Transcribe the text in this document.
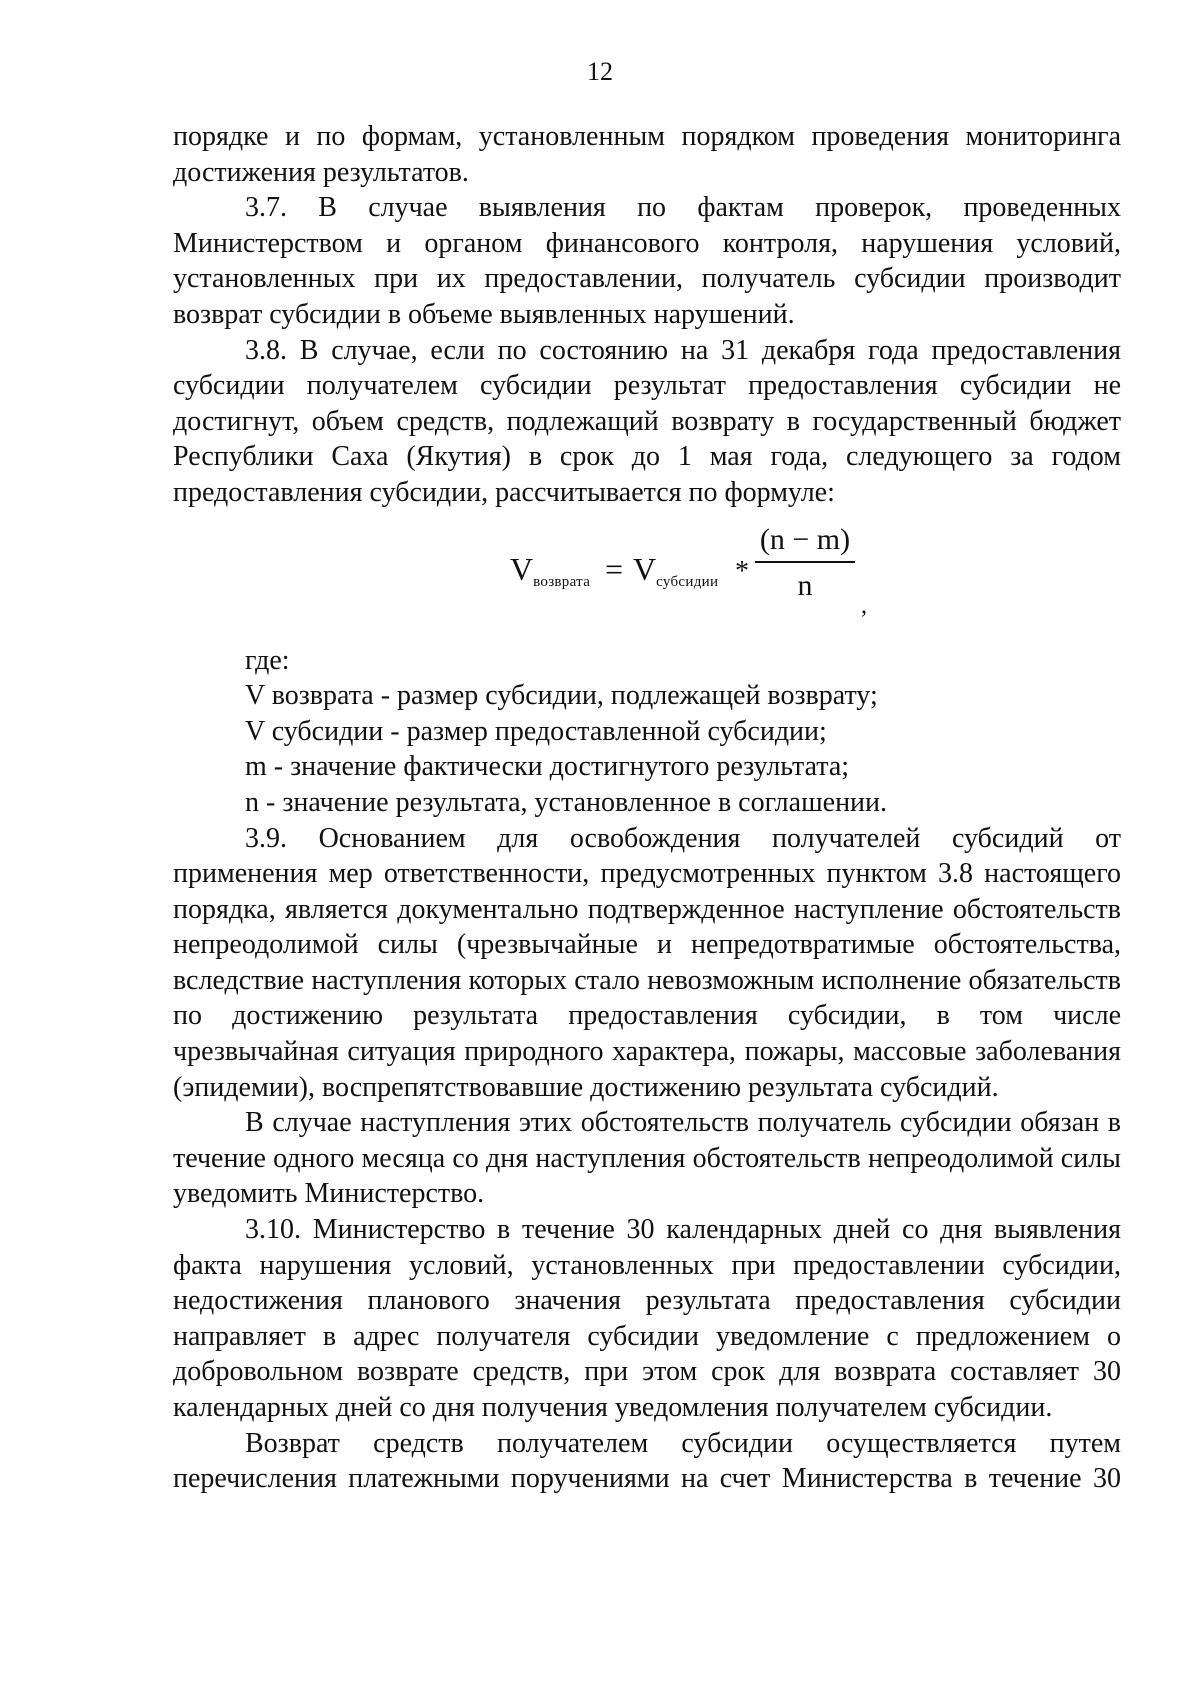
12

порядке и по формам, установленным порядком проведения мониторинга достижения результатов.

3.7. В случае выявления по фактам проверок, проведенных Министерством и органом финансового контроля, нарушения условий, установленных при их предоставлении, получатель субсидии производит возврат субсидии в объеме выявленных нарушений.

3.8. В случае, если по состоянию на 31 декабря года предоставления субсидии получателем субсидии результат предоставления субсидии не достигнут, объем средств, подлежащий возврату в государственный бюджет Республики Саха (Якутия) в срок до 1 мая года, следующего за годом предоставления субсидии, рассчитывается по формуле:

Vвозврата = Vсубсидии *
(n − m)
n
,

где:

V возврата - размер субсидии, подлежащей возврату;

V субсидии - размер предоставленной субсидии;

m - значение фактически достигнутого результата;

n - значение результата, установленное в соглашении.

3.9. Основанием для освобождения получателей субсидий от применения мер ответственности, предусмотренных пунктом 3.8 настоящего порядка, является документально подтвержденное наступление обстоятельств непреодолимой силы (чрезвычайные и непредотвратимые обстоятельства, вследствие наступления которых стало невозможным исполнение обязательств по достижению результата предоставления субсидии, в том числе чрезвычайная ситуация природного характера, пожары, массовые заболевания (эпидемии), воспрепятствовавшие достижению результата субсидий.

В случае наступления этих обстоятельств получатель субсидии обязан в течение одного месяца со дня наступления обстоятельств непреодолимой силы уведомить Министерство.

3.10. Министерство в течение 30 календарных дней со дня выявления факта нарушения условий, установленных при предоставлении субсидии, недостижения планового значения результата предоставления субсидии направляет в адрес получателя субсидии уведомление с предложением о добровольном возврате средств, при этом срок для возврата составляет 30 календарных дней со дня получения уведомления получателем субсидии.

Возврат средств получателем субсидии осуществляется путем перечисления платежными поручениями на счет Министерства в течение 30
